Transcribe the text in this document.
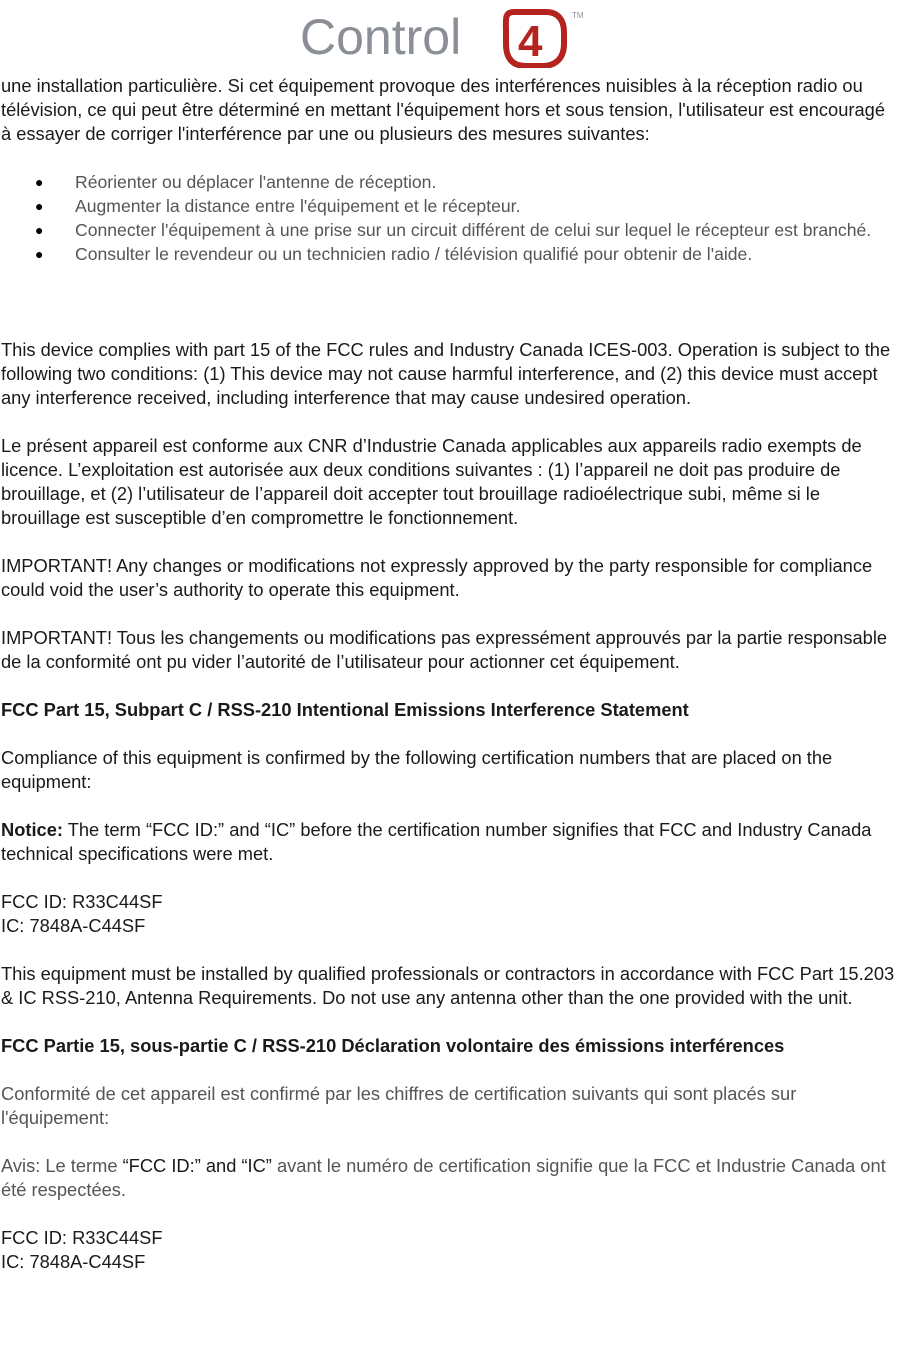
Control 4
TM

une installation particulière. Si cet équipement provoque des interférences nuisibles à la réception radio ou télévision, ce qui peut être déterminé en mettant l'équipement hors et sous tension, l'utilisateur est encouragé à essayer de corriger l'interférence par une ou plusieurs des mesures suivantes:

● Réorienter ou déplacer l'antenne de réception.
● Augmenter la distance entre l'équipement et le récepteur.
● Connecter l'équipement à une prise sur un circuit différent de celui sur lequel le récepteur est branché.
● Consulter le revendeur ou un technicien radio / télévision qualifié pour obtenir de l'aide.

This device complies with part 15 of the FCC rules and Industry Canada ICES-003. Operation is subject to the following two conditions: (1) This device may not cause harmful interference, and (2) this device must accept any interference received, including interference that may cause undesired operation.

Le présent appareil est conforme aux CNR d’Industrie Canada applicables aux appareils radio exempts de licence. L’exploitation est autorisée aux deux conditions suivantes : (1) l’appareil ne doit pas produire de brouillage, et (2) l’utilisateur de l’appareil doit accepter tout brouillage radioélectrique subi, même si le brouillage est susceptible d’en compromettre le fonctionnement.

IMPORTANT! Any changes or modifications not expressly approved by the party responsible for compliance could void the user’s authority to operate this equipment.

IMPORTANT! Tous les changements ou modifications pas expressément approuvés par la partie responsable de la conformité ont pu vider l’autorité de l’utilisateur pour actionner cet équipement.

FCC Part 15, Subpart C / RSS-210 Intentional Emissions Interference Statement

Compliance of this equipment is confirmed by the following certification numbers that are placed on the equipment:

Notice: The term “FCC ID:” and “IC” before the certification number signifies that FCC and Industry Canada technical specifications were met.

FCC ID: R33C44SF

IC: 7848A-C44SF

This equipment must be installed by qualified professionals or contractors in accordance with FCC Part 15.203 & IC RSS-210, Antenna Requirements. Do not use any antenna other than the one provided with the unit.

FCC Partie 15, sous-partie C / RSS-210 Déclaration volontaire des émissions interférences

Conformité de cet appareil est confirmé par les chiffres de certification suivants qui sont placés sur l'équipement:

Avis: Le terme “FCC ID:” and “IC” avant le numéro de certification signifie que la FCC et Industrie Canada ont été respectées.

FCC ID: R33C44SF

IC: 7848A-C44SF
